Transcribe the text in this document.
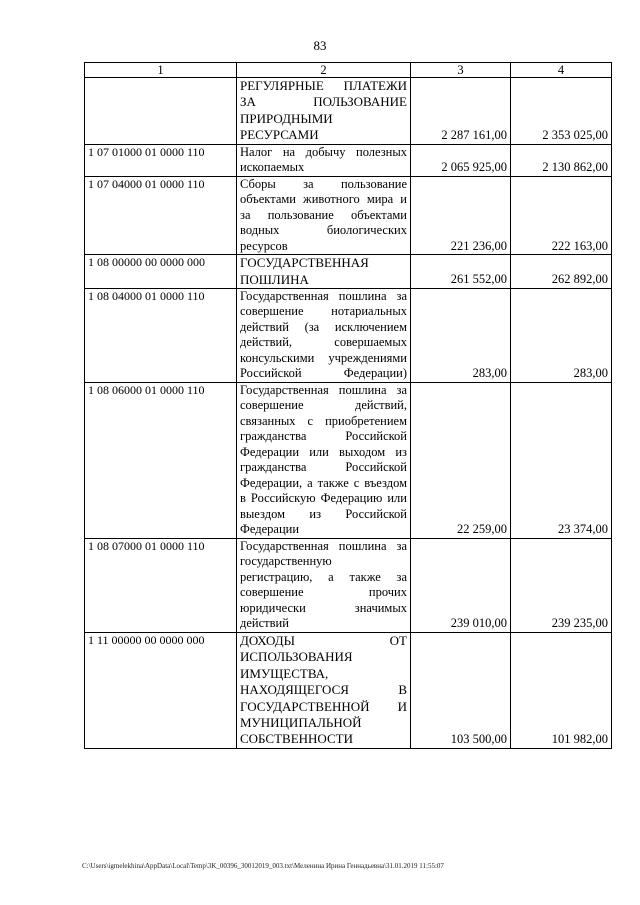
83
1	2	3	4
	РЕГУЛЯРНЫЕ ПЛАТЕЖИ ЗА ПОЛЬЗОВАНИЕ ПРИРОДНЫМИ РЕСУРСАМИ	2 287 161,00	2 353 025,00
1 07 01000 01 0000 110	Налог на добычу полезных ископаемых	2 065 925,00	2 130 862,00
1 07 04000 01 0000 110	Сборы за пользование объектами животного мира и за пользование объектами водных биологических ресурсов	221 236,00	222 163,00
1 08 00000 00 0000 000	ГОСУДАРСТВЕННАЯ ПОШЛИНА	261 552,00	262 892,00
1 08 04000 01 0000 110	Государственная пошлина за совершение нотариальных действий (за исключением действий, совершаемых консульскими учреждениями Российской Федерации)	283,00	283,00
1 08 06000 01 0000 110	Государственная пошлина за совершение действий, связанных с приобретением гражданства Российской Федерации или выходом из гражданства Российской Федерации, а также с въездом в Российскую Федерацию или выездом из Российской Федерации	22 259,00	23 374,00
1 08 07000 01 0000 110	Государственная пошлина за государственную регистрацию, а также за совершение прочих юридически значимых действий	239 010,00	239 235,00
1 11 00000 00 0000 000	ДОХОДЫ ОТ ИСПОЛЬЗОВАНИЯ ИМУЩЕСТВА, НАХОДЯЩЕГОСЯ В ГОСУДАРСТВЕННОЙ И МУНИЦИПАЛЬНОЙ СОБСТВЕННОСТИ	103 500,00	101 982,00
C:\Users\igmelekhina\AppData\Local\Temp\3K_00396_30012019_003.txt\Меленина Ирина Геннадьевна\31.01.2019 11:55:07
